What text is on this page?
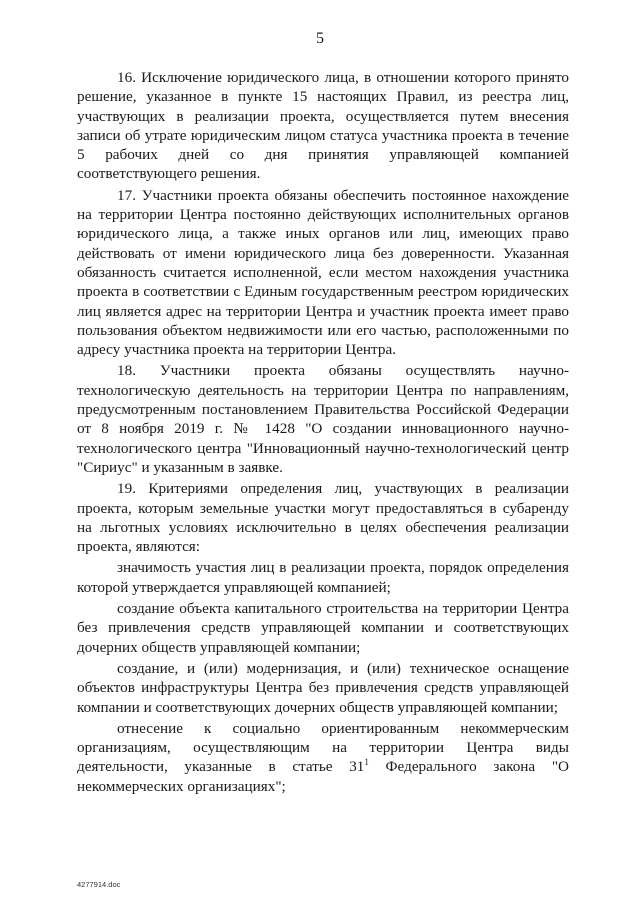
5

16. Исключение юридического лица, в отношении которого принято решение, указанное в пункте 15 настоящих Правил, из реестра лиц, участвующих в реализации проекта, осуществляется путем внесения записи об утрате юридическим лицом статуса участника проекта в течение 5 рабочих дней со дня принятия управляющей компанией соответствующего решения.

17. Участники проекта обязаны обеспечить постоянное нахождение на территории Центра постоянно действующих исполнительных органов юридического лица, а также иных органов или лиц, имеющих право действовать от имени юридического лица без доверенности. Указанная обязанность считается исполненной, если местом нахождения участника проекта в соответствии с Единым государственным реестром юридических лиц является адрес на территории Центра и участник проекта имеет право пользования объектом недвижимости или его частью, расположенными по адресу участника проекта на территории Центра.

18. Участники проекта обязаны осуществлять научно-технологическую деятельность на территории Центра по направлениям, предусмотренным постановлением Правительства Российской Федерации от 8 ноября 2019 г. № 1428 "О создании инновационного научно-технологического центра "Инновационный научно-технологический центр "Сириус" и указанным в заявке.

19. Критериями определения лиц, участвующих в реализации проекта, которым земельные участки могут предоставляться в субаренду на льготных условиях исключительно в целях обеспечения реализации проекта, являются:

значимость участия лиц в реализации проекта, порядок определения которой утверждается управляющей компанией;

создание объекта капитального строительства на территории Центра без привлечения средств управляющей компании и соответствующих дочерних обществ управляющей компании;

создание, и (или) модернизация, и (или) техническое оснащение объектов инфраструктуры Центра без привлечения средств управляющей компании и соответствующих дочерних обществ управляющей компании;

отнесение к социально ориентированным некоммерческим организациям, осуществляющим на территории Центра виды деятельности, указанные в статье $31^1$ Федерального закона "О некоммерческих организациях";

4277914.doc
